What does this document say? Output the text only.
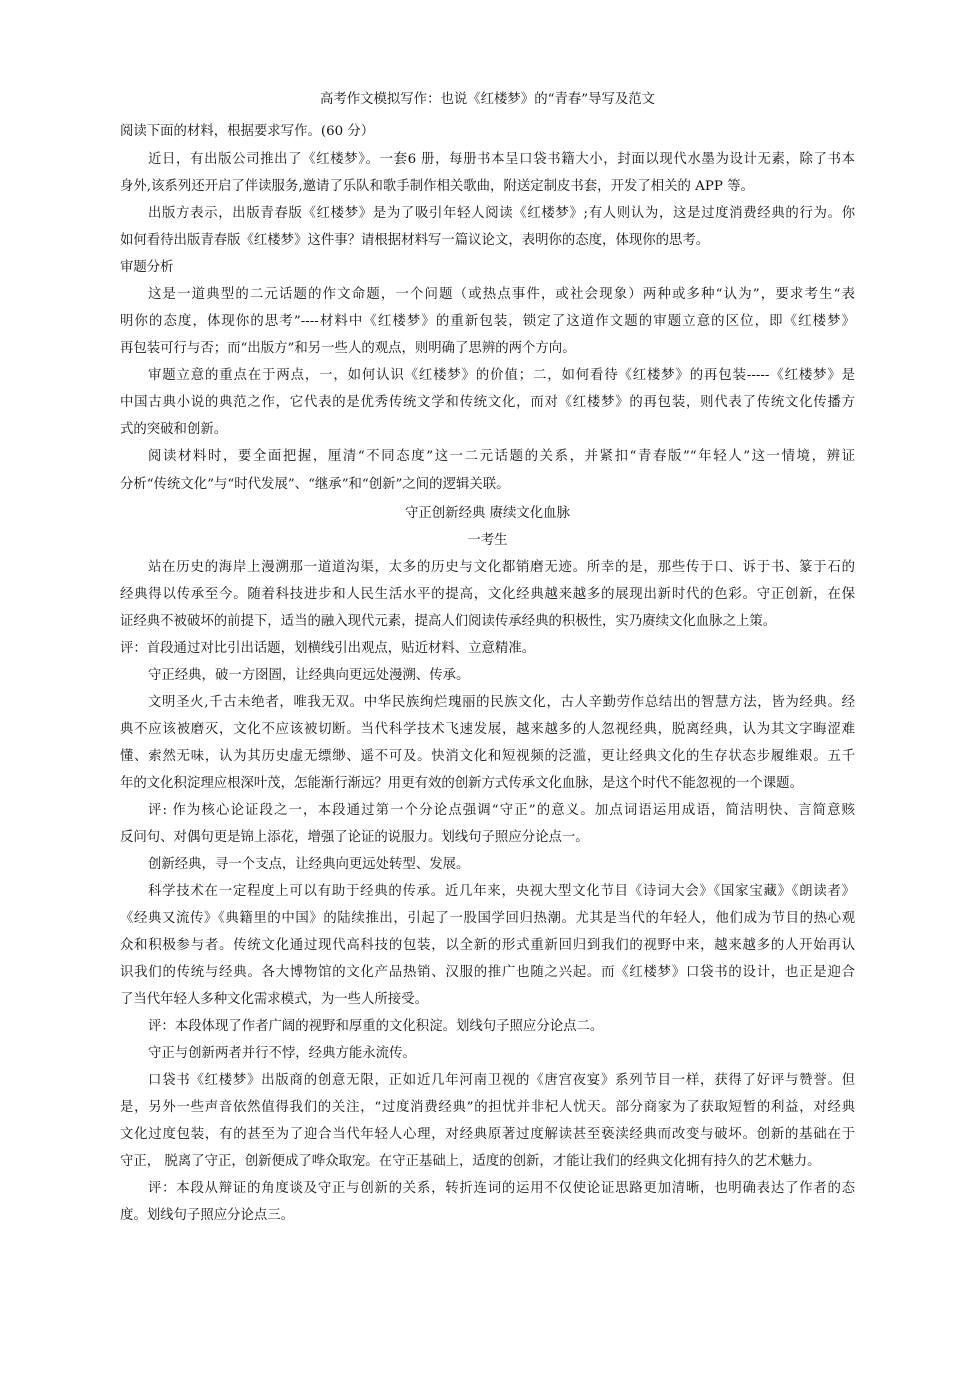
高考作文模拟写作：也说《红楼梦》的“青春”导写及范文
阅读下面的材料，根据要求写作。(60 分）
近日，有出版公司推出了《红楼梦》。一套6 册，每册书本呈口袋书籍大小，封面以现代水墨为设计无素，除了书本
身外,该系列还开启了伴读服务,邀请了乐队和歌手制作相关歌曲，附送定制皮书套，开发了相关的 APP 等。
出版方表示，出版青春版《红楼梦》是为了吸引年轻人阅读《红楼梦》;有人则认为，这是过度消费经典的行为。你
如何看待出版青春版《红楼梦》这件事？请根据材料写一篇议论文，表明你的态度，体现你的思考。
审题分析
这是一道典型的二元话题的作文命题，一个问题（或热点事件，或社会现象）两种或多种“认为”，要求考生“表
明你的态度，体现你的思考”----材料中《红楼梦》的重新包装，锁定了这道作文题的审题立意的区位，即《红楼梦》
再包装可行与否；而“出版方”和另一些人的观点，则明确了思辨的两个方向。
审题立意的重点在于两点，一，如何认识《红楼梦》的价值；二，如何看待《红楼梦》的再包装-----《红楼梦》是
中国古典小说的典范之作，它代表的是优秀传统文学和传统文化，而对《红楼梦》的再包装，则代表了传统文化传播方
式的突破和创新。
阅读材料时，要全面把握，厘清“不同态度”这一二元话题的关系，并紧扣“青春版”“年轻人”这一情境，辨证
分析“传统文化”与“时代发展”、“继承”和“创新”之间的逻辑关联。
守正创新经典 赓续文化血脉
一考生
站在历史的海岸上漫溯那一道道沟渠，太多的历史与文化都销磨无迹。所幸的是，那些传于口、诉于书、篆于石的
经典得以传承至今。随着科技进步和人民生活水平的提高，文化经典越来越多的展现出新时代的色彩。守正创新，在保
证经典不被破坏的前提下，适当的融入现代元素，提高人们阅读传承经典的积极性，实乃赓续文化血脉之上策。
评：首段通过对比引出话题，划横线引出观点，贴近材料、立意精准。
守正经典，破一方囹圄，让经典向更远处漫溯、传承。
文明圣火,千古未绝者，唯我无双。中华民族绚烂瑰丽的民族文化，古人辛勤劳作总结出的智慧方法，皆为经典。经
典不应该被磨灭，文化不应该被切断。当代科学技术飞速发展，越来越多的人忽视经典，脱离经典，认为其文字晦涩难
懂、索然无味，认为其历史虚无缥缈、遥不可及。快消文化和短视频的泛滥，更让经典文化的生存状态步履维艰。五千
年的文化积淀理应根深叶茂，怎能渐行渐远？用更有效的创新方式传承文化血脉，是这个时代不能忽视的一个课题。
评: 作为核心论证段之一，本段通过第一个分论点强调“守正”的意义。加点词语运用成语，简洁明快、言简意赅
反问句、对偶句更是锦上添花，增强了论证的说服力。划线句子照应分论点一。
创新经典，寻一个支点，让经典向更远处转型、发展。
科学技术在一定程度上可以有助于经典的传承。近几年来，央视大型文化节目《诗词大会》《国家宝藏》《朗读者》
《经典又流传》《典籍里的中国》的陆续推出，引起了一股国学回归热潮。尤其是当代的年轻人，他们成为节目的热心观
众和积极参与者。传统文化通过现代高科技的包装，以全新的形式重新回归到我们的视野中来，越来越多的人开始再认
识我们的传统与经典。各大博物馆的文化产品热销、汉服的推广也随之兴起。而《红楼梦》口袋书的设计，也正是迎合
了当代年轻人多种文化需求模式，为一些人所接受。
评：本段体现了作者广阔的视野和厚重的文化积淀。划线句子照应分论点二。
守正与创新两者并行不悖，经典方能永流传。
口袋书《红楼梦》出版商的创意无限，正如近几年河南卫视的《唐宫夜宴》系列节目一样，获得了好评与赞誉。但
是，另外一些声音依然值得我们的关注，“过度消费经典”的担忧并非杞人忧天。部分商家为了获取短暂的利益，对经典
文化过度包装，有的甚至为了迎合当代年轻人心理，对经典原著过度解读甚至亵渎经典而改变与破坏。创新的基础在于
守正， 脱离了守正，创新便成了哗众取宠。在守正基础上，适度的创新，才能让我们的经典文化拥有持久的艺术魅力。
评：本段从辩证的角度谈及守正与创新的关系，转折连词的运用不仅使论证思路更加清晰，也明确表达了作者的态
度。划线句子照应分论点三。
